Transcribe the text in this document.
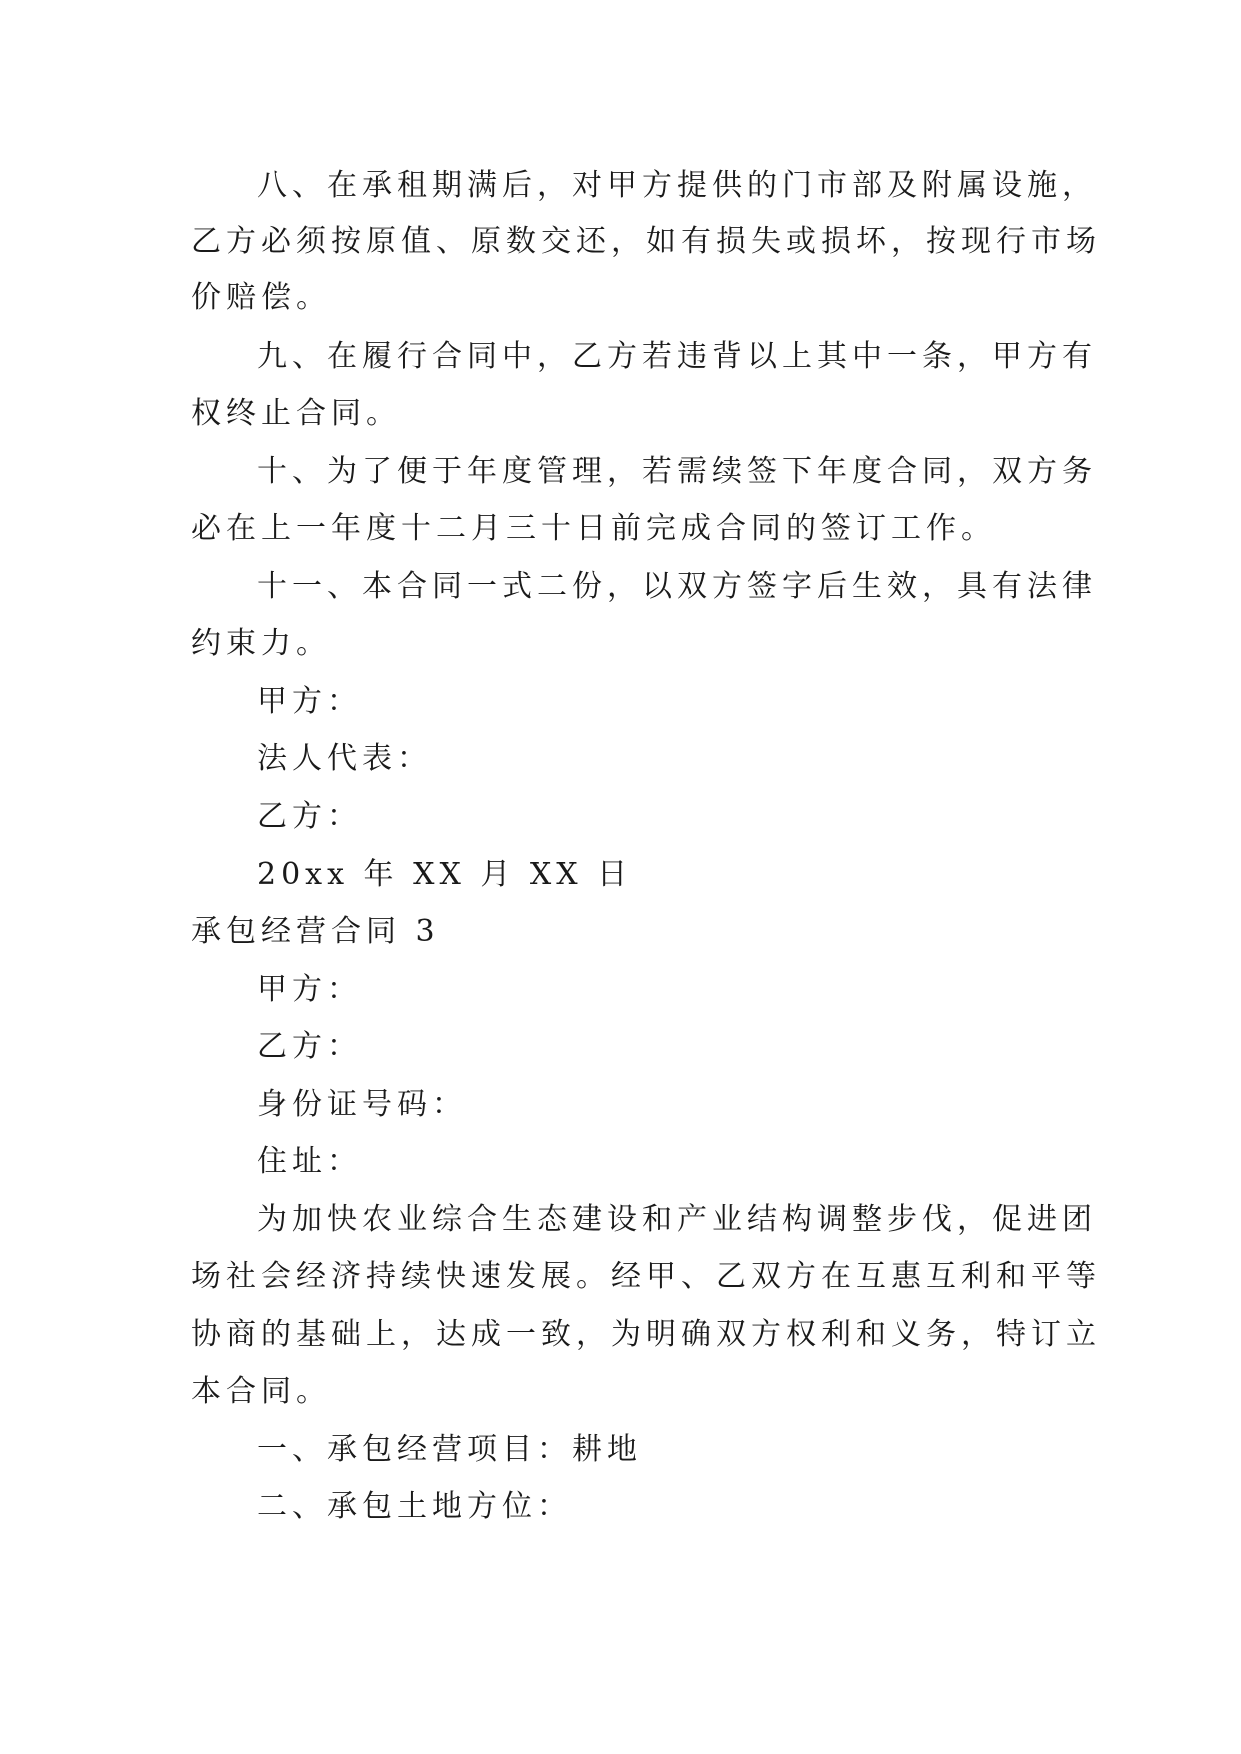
八、在承租期满后，对甲方提供的门市部及附属设施，
乙方必须按原值、原数交还，如有损失或损坏，按现行市场
价赔偿。
九、在履行合同中，乙方若违背以上其中一条，甲方有
权终止合同。
十、为了便于年度管理，若需续签下年度合同，双方务
必在上一年度十二月三十日前完成合同的签订工作。
十一、本合同一式二份，以双方签字后生效，具有法律
约束力。
甲方：
法人代表：
乙方：
20xx 年 XX 月 XX 日
承包经营合同 3
甲方：
乙方：
身份证号码：
住址：
为加快农业综合生态建设和产业结构调整步伐，促进团
场社会经济持续快速发展。经甲、乙双方在互惠互利和平等
协商的基础上，达成一致，为明确双方权利和义务，特订立
本合同。
一、承包经营项目：耕地
二、承包土地方位：
